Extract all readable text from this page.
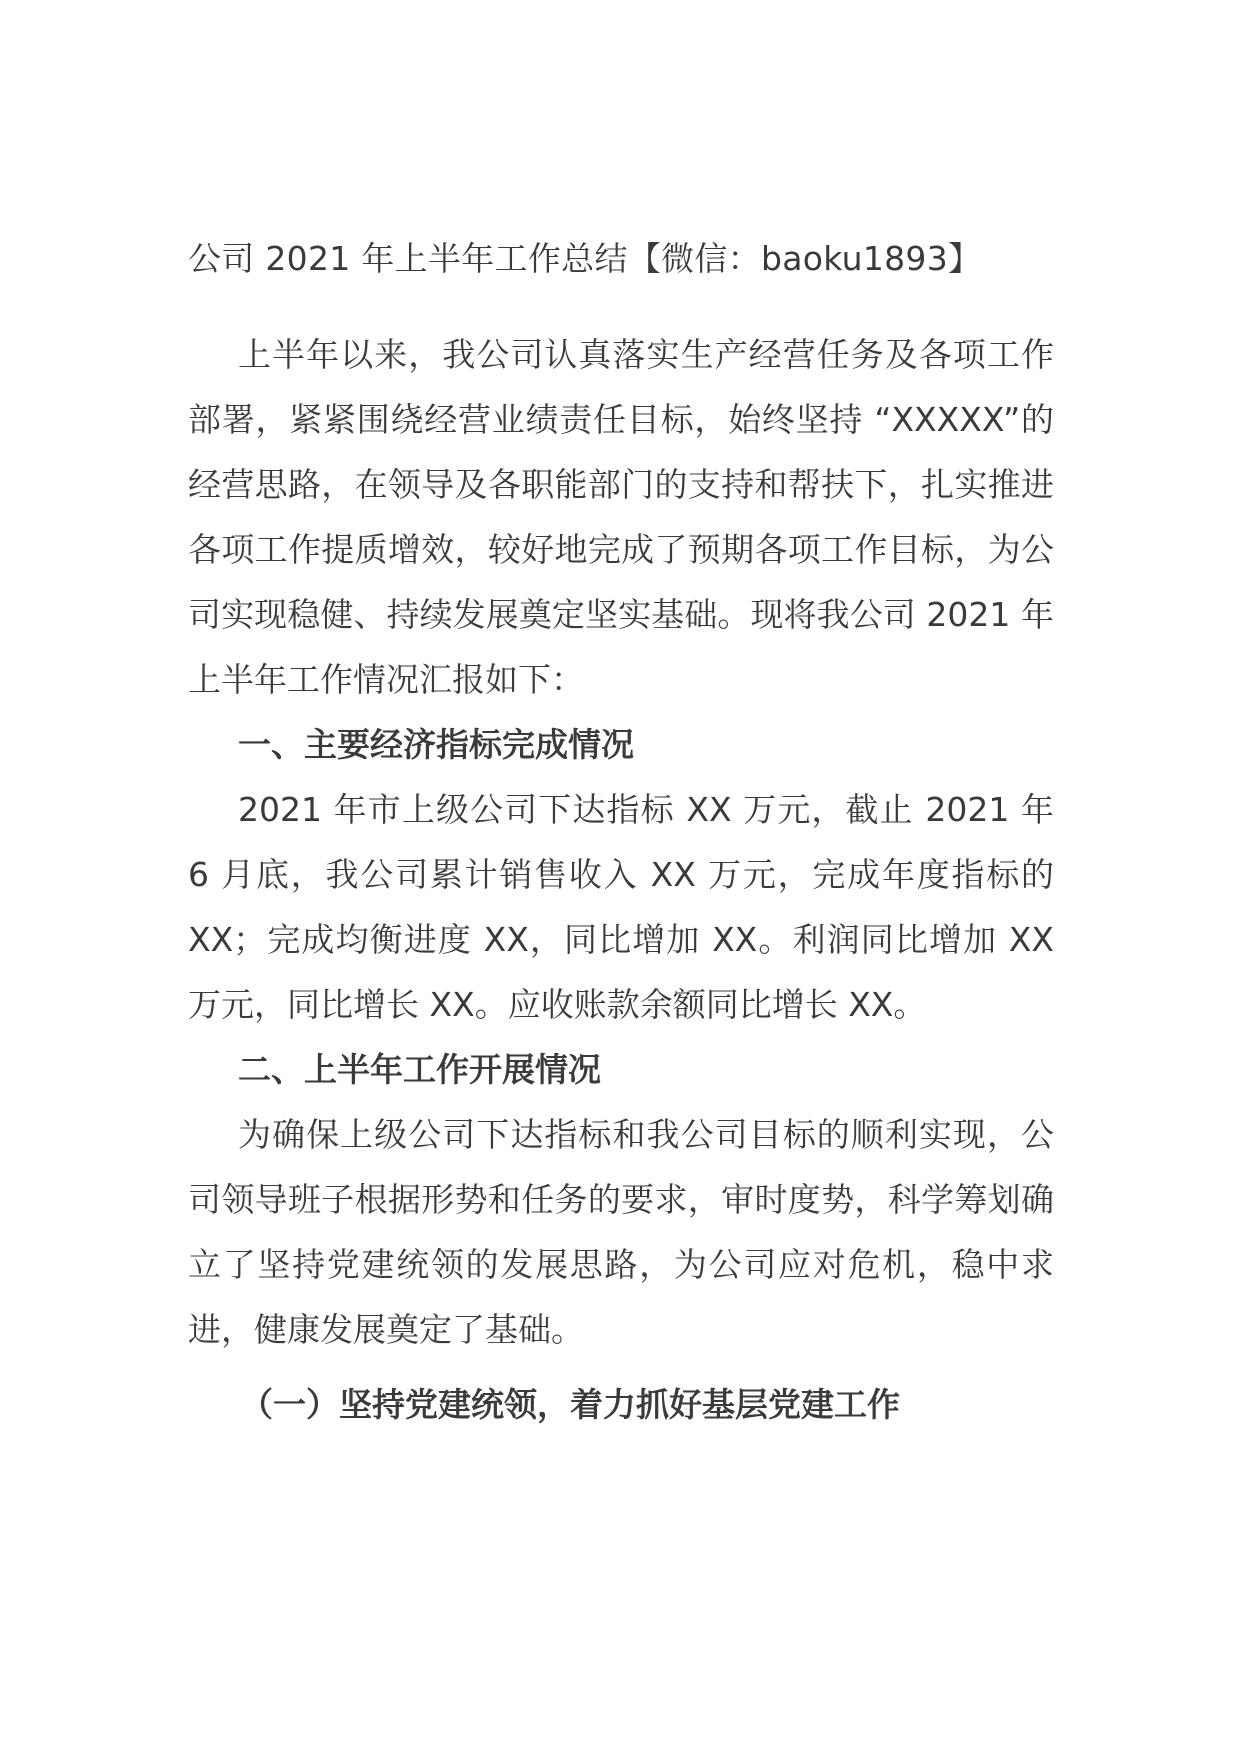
公司 2021 年上半年工作总结【微信：baoku1893】

上半年以来，我公司认真落实生产经营任务及各项工作部署，紧紧围绕经营业绩责任目标，始终坚持 “XXXXX”的经营思路，在领导及各职能部门的支持和帮扶下，扎实推进各项工作提质增效，较好地完成了预期各项工作目标，为公司实现稳健、持续发展奠定坚实基础。现将我公司 2021 年上半年工作情况汇报如下：

一、主要经济指标完成情况

2021 年市上级公司下达指标 XX 万元，截止 2021 年 6 月底，我公司累计销售收入 XX 万元，完成年度指标的 XX；完成均衡进度 XX，同比增加 XX。利润同比增加 XX 万元，同比增长 XX。应收账款余额同比增长 XX。

二、上半年工作开展情况

为确保上级公司下达指标和我公司目标的顺利实现，公司领导班子根据形势和任务的要求，审时度势，科学筹划确立了坚持党建统领的发展思路，为公司应对危机，稳中求进，健康发展奠定了基础。

（一）坚持党建统领，着力抓好基层党建工作
